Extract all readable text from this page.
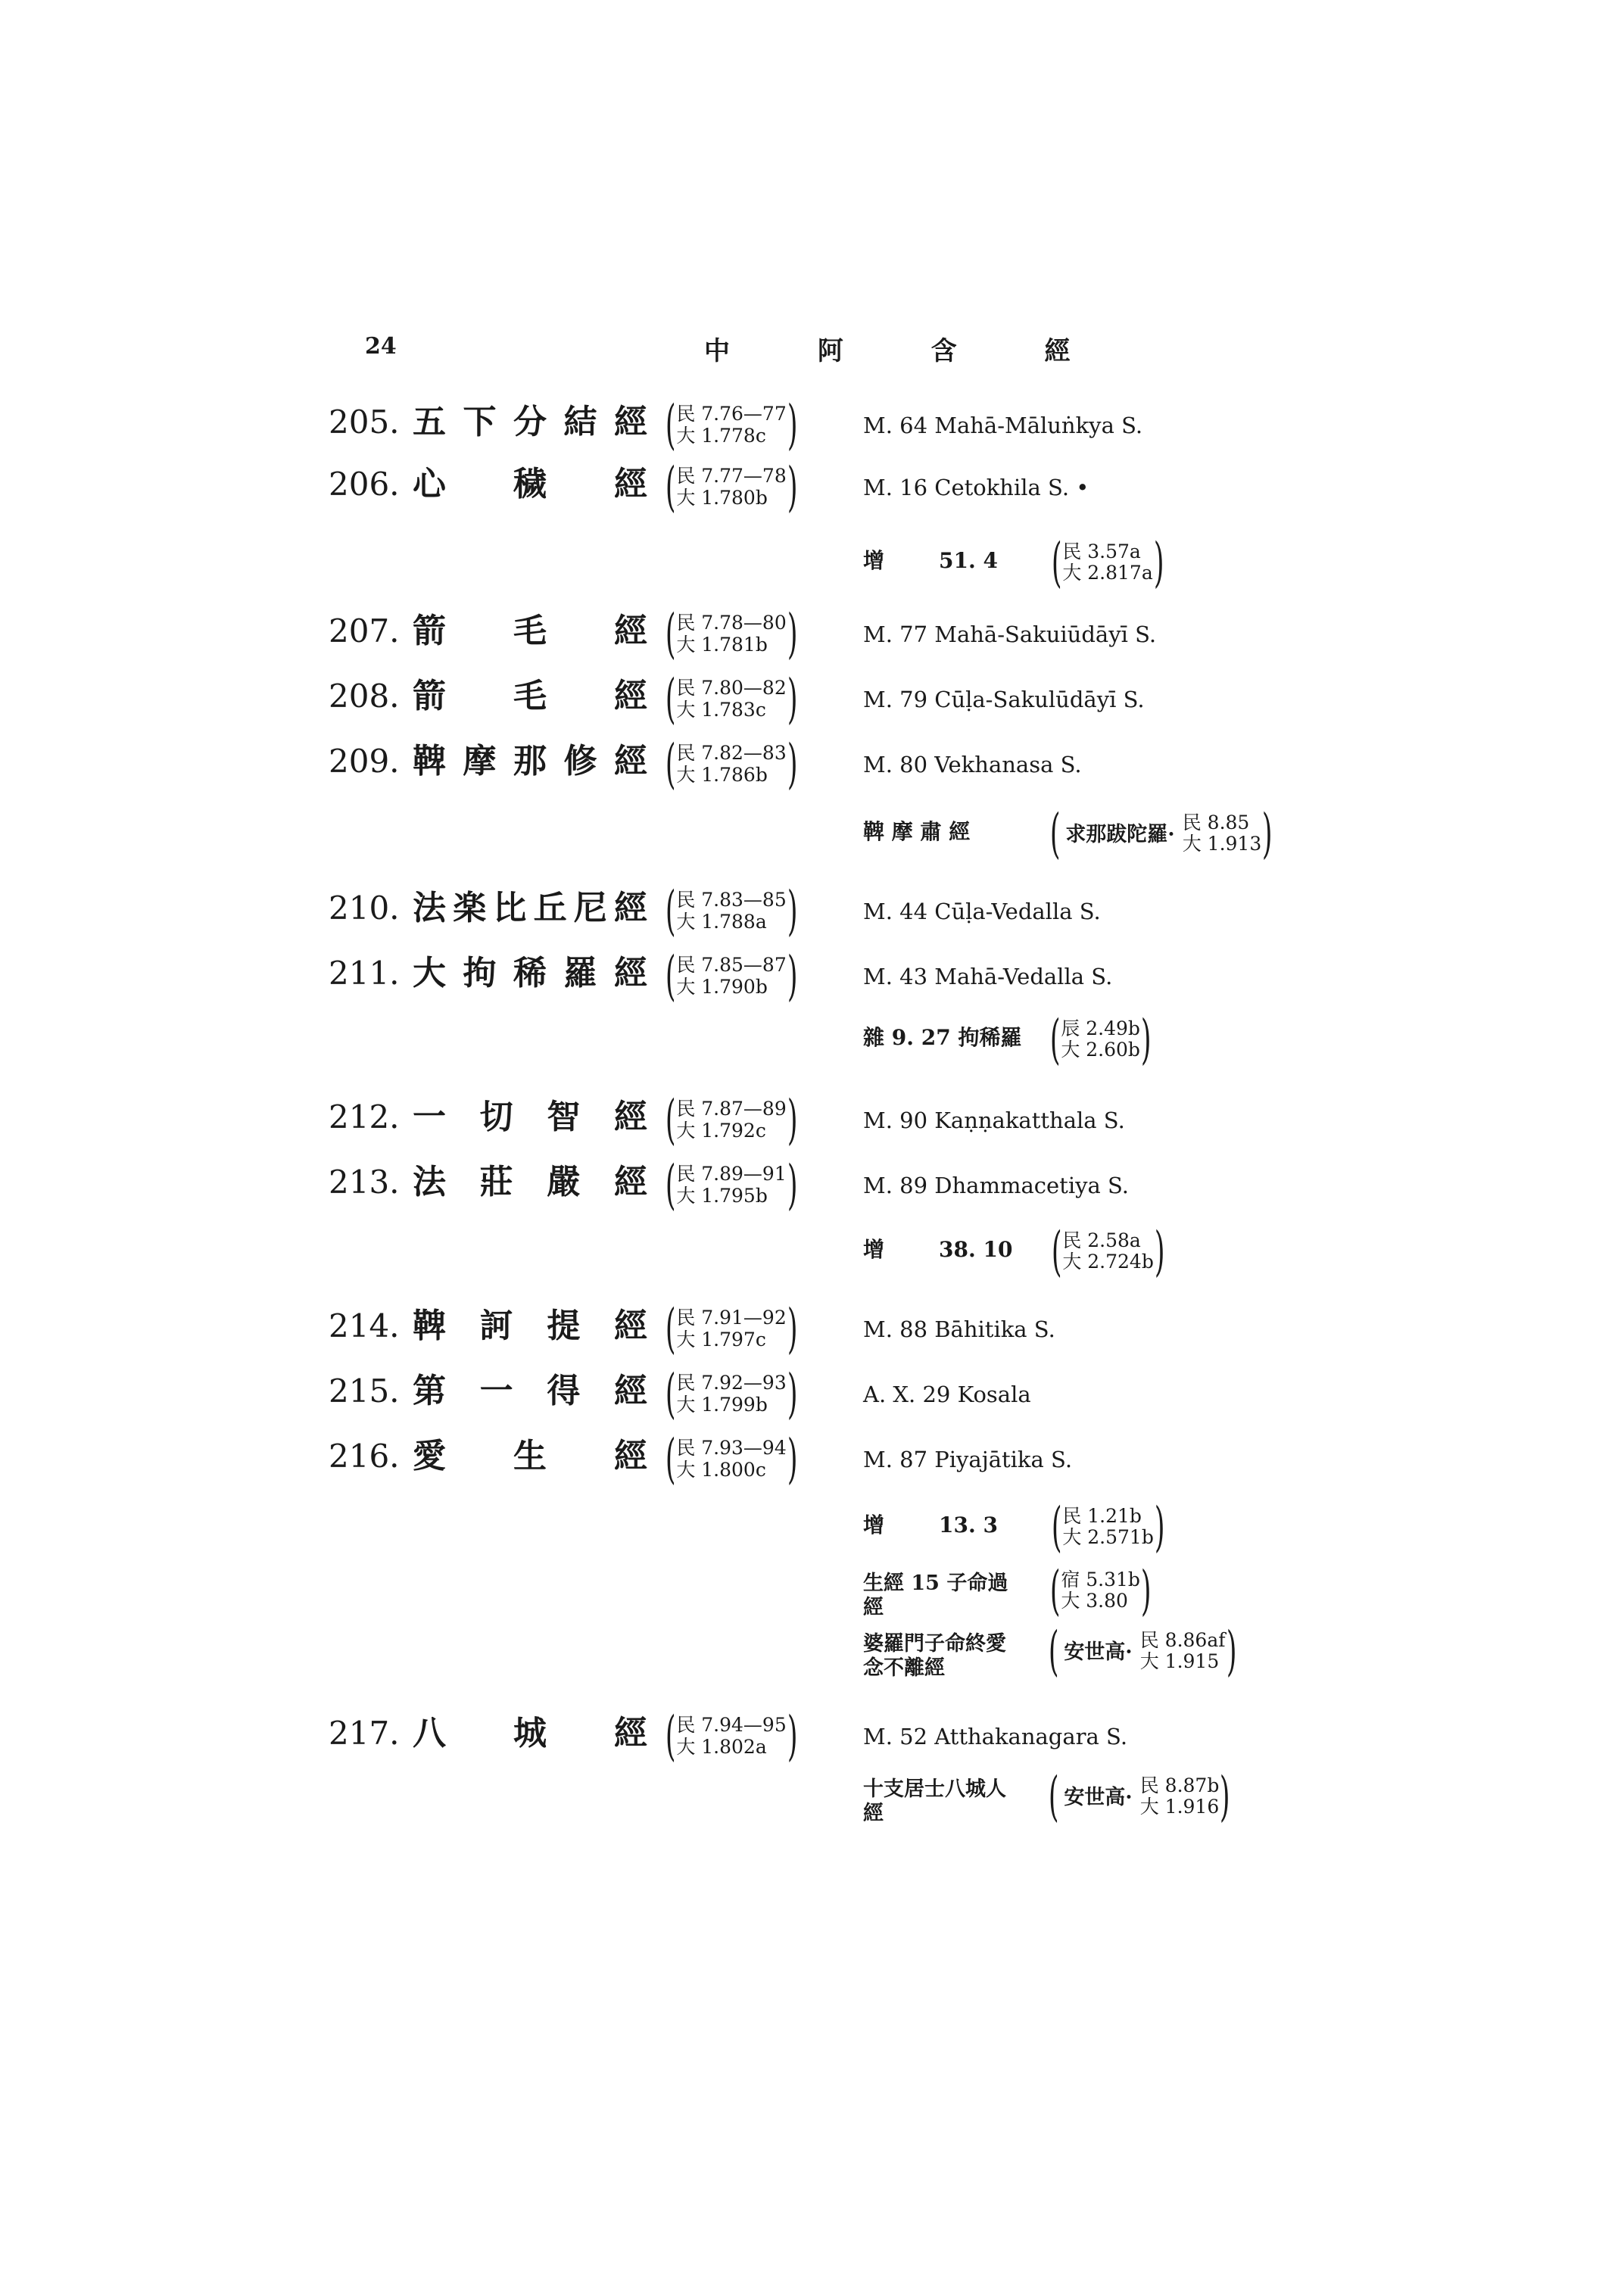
24	中 阿 含 經
205. 五 下 分 結 經 ( 民 7.76—77
大 1.778c )	M. 64 Mahā-Māluṅkya S.
206. 心 穢 經 ( 民 7.77—78
大 1.780b )	M. 16 Cetokhila S. •
增	51. 4 ( 民 3.57a
大 2.817a )
207. 箭 毛 經 ( 民 7.78—80
大 1.781b )	M. 77 Mahā-Sakuiūdāyī S.
208. 箭 毛 經 ( 民 7.80—82
大 1.783c )	M. 79 Cūḷa-Sakulūdāyī S.
209. 鞞 摩 那 修 經 ( 民 7.82—83
大 1.786b )	M. 80 Vekhanasa S.
鞞 摩 肅 經 ( 求那跋陀羅·
民 8.85
大 1.913 )
210. 法 楽 比 丘 尼 經 ( 民 7.83—85
大 1.788a )	M. 44 Cūḷa-Vedalla S.
211. 大 拘 稀 羅 經 ( 民 7.85—87
大 1.790b )	M. 43 Mahā-Vedalla S.
雜 9. 27 拘稀羅 ( 辰 2.49b
大 2.60b )
212. 一 切 智 經 ( 民 7.87—89
大 1.792c )	M. 90 Kaṇṇakatthala S.
213. 法 莊 嚴 經 ( 民 7.89—91
大 1.795b )	M. 89 Dhammacetiya S.
增	38. 10 ( 民 2.58a
大 2.724b )
214. 鞞 訶 提 經 ( 民 7.91—92
大 1.797c )	M. 88 Bāhitika S.
215. 第 一 得 經 ( 民 7.92—93
大 1.799b )	A. X. 29 Kosala
216. 愛 生 經 ( 民 7.93—94
大 1.800c )	M. 87 Piyajātika S.
增	13. 3 ( 民 1.21b
大 2.571b )
生經 15 子命過
經	( 宿 5.31b
大 3.80 )
婆羅門子命終愛
念不離經	( 安世高·
民 8.86af
大 1.915 )
217. 八 城 經 ( 民 7.94—95
大 1.802a )	M. 52 Atthakanagara S.
十支居士八城人
經	( 安世高·
民 8.87b
大 1.916 )
